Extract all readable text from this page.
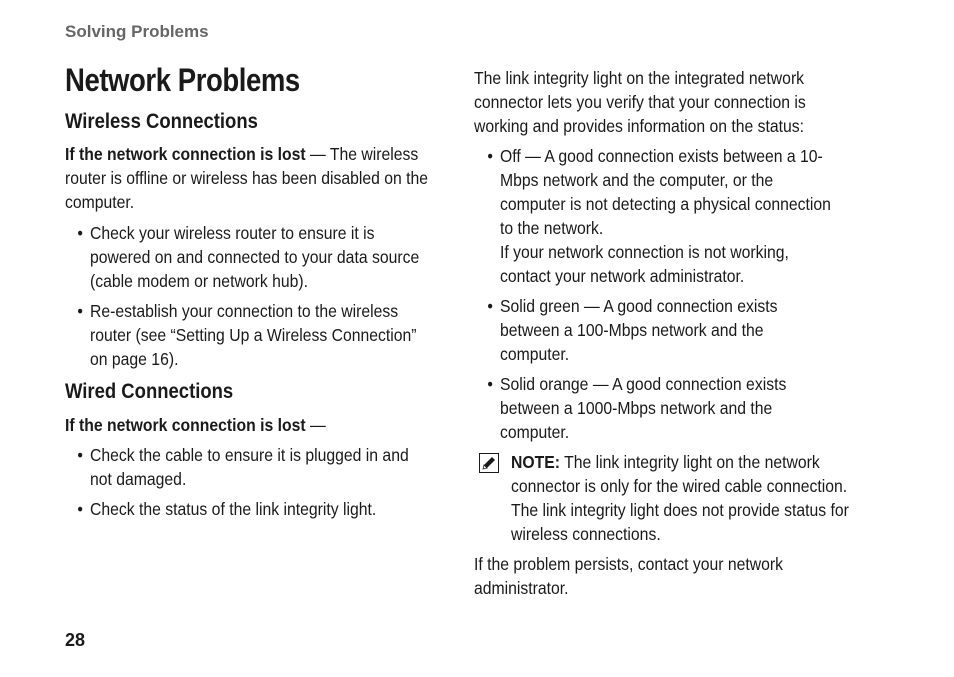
Solving Problems
Network Problems
Wireless Connections

If the network connection is lost — The wireless router is offline or wireless has been disabled on the computer.

• Check your wireless router to ensure it is powered on and connected to your data source (cable modem or network hub).
• Re-establish your connection to the wireless router (see “Setting Up a Wireless Connection” on page 16).
Wired Connections

If the network connection is lost —

• Check the cable to ensure it is plugged in and not damaged.
• Check the status of the link integrity light.

The link integrity light on the integrated network connector lets you verify that your connection is working and provides information on the status:

• Off — A good connection exists between a 10-Mbps network and the computer, or the computer is not detecting a physical connection to the network.
If your network connection is not working, contact your network administrator.
• Solid green — A good connection exists between a 100-Mbps network and the computer.
• Solid orange — A good connection exists between a 1000-Mbps network and the computer.

NOTE: The link integrity light on the network connector is only for the wired cable connection. The link integrity light does not provide status for wireless connections.

If the problem persists, contact your network administrator.

28
